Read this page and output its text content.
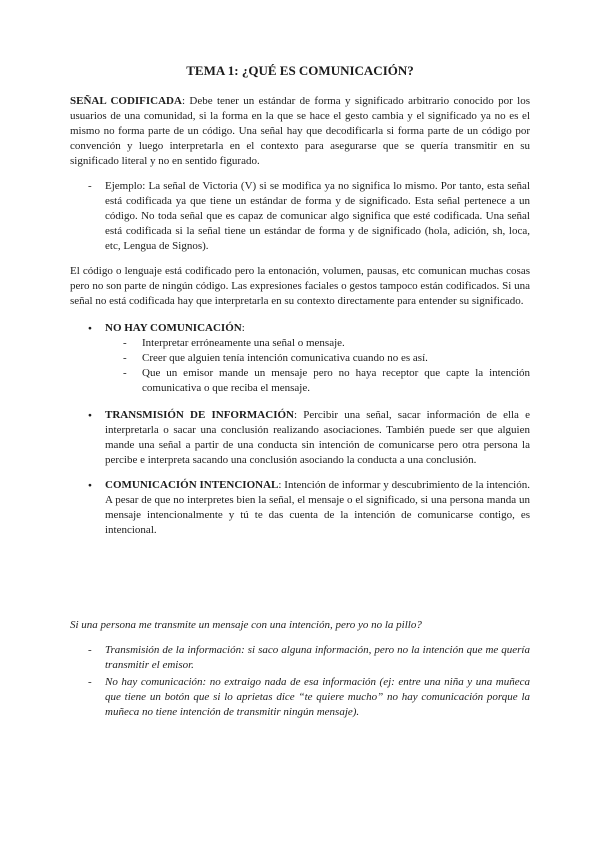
TEMA 1: ¿QUÉ ES COMUNICACIÓN?

SEÑAL CODIFICADA: Debe tener un estándar de forma y significado arbitrario conocido por los usuarios de una comunidad, si la forma en la que se hace el gesto cambia y el significado ya no es el mismo no forma parte de un código. Una señal hay que decodificarla si forma parte de un código por convención y luego interpretarla en el contexto para asegurarse que se quería transmitir en su significado literal y no en sentido figurado.

-	Ejemplo: La señal de Victoria (V) si se modifica ya no significa lo mismo. Por tanto, esta señal está codificada ya que tiene un estándar de forma y de significado. Esta señal pertenece a un código. No toda señal que es capaz de comunicar algo significa que esté codificada. Una señal está codificada si la señal tiene un estándar de forma y de significado (hola, adición, sh, loca, etc, Lengua de Signos).

El código o lenguaje está codificado pero la entonación, volumen, pausas, etc comunican muchas cosas pero no son parte de ningún código. Las expresiones faciales o gestos tampoco están codificados. Si una señal no está codificada hay que interpretarla en su contexto directamente para entender su significado.

●	NO HAY COMUNICACIÓN:
-	Interpretar erróneamente una señal o mensaje.
-	Creer que alguien tenía intención comunicativa cuando no es así.
-	Que un emisor mande un mensaje pero no haya receptor que capte la intención comunicativa o que reciba el mensaje.
●	TRANSMISIÓN DE INFORMACIÓN: Percibir una señal, sacar información de ella e interpretarla o sacar una conclusión realizando asociaciones. También puede ser que alguien mande una señal a partir de una conducta sin intención de comunicarse pero otra persona la percibe e interpreta sacando una conclusión asociando la conducta a una conclusión.
●	COMUNICACIÓN INTENCIONAL: Intención de informar y descubrimiento de la intención. A pesar de que no interpretes bien la señal, el mensaje o el significado, si una persona manda un mensaje intencionalmente y tú te das cuenta de la intención de comunicarse contigo, es intencional.

Si una persona me transmite un mensaje con una intención, pero yo no la pillo?

-	Transmisión de la información: si saco alguna información, pero no la intención que me quería transmitir el emisor.
-	No hay comunicación: no extraigo nada de esa información (ej: entre una niña y una muñeca que tiene un botón que si lo aprietas dice “te quiere mucho” no hay comunicación porque la muñeca no tiene intención de transmitir ningún mensaje).
